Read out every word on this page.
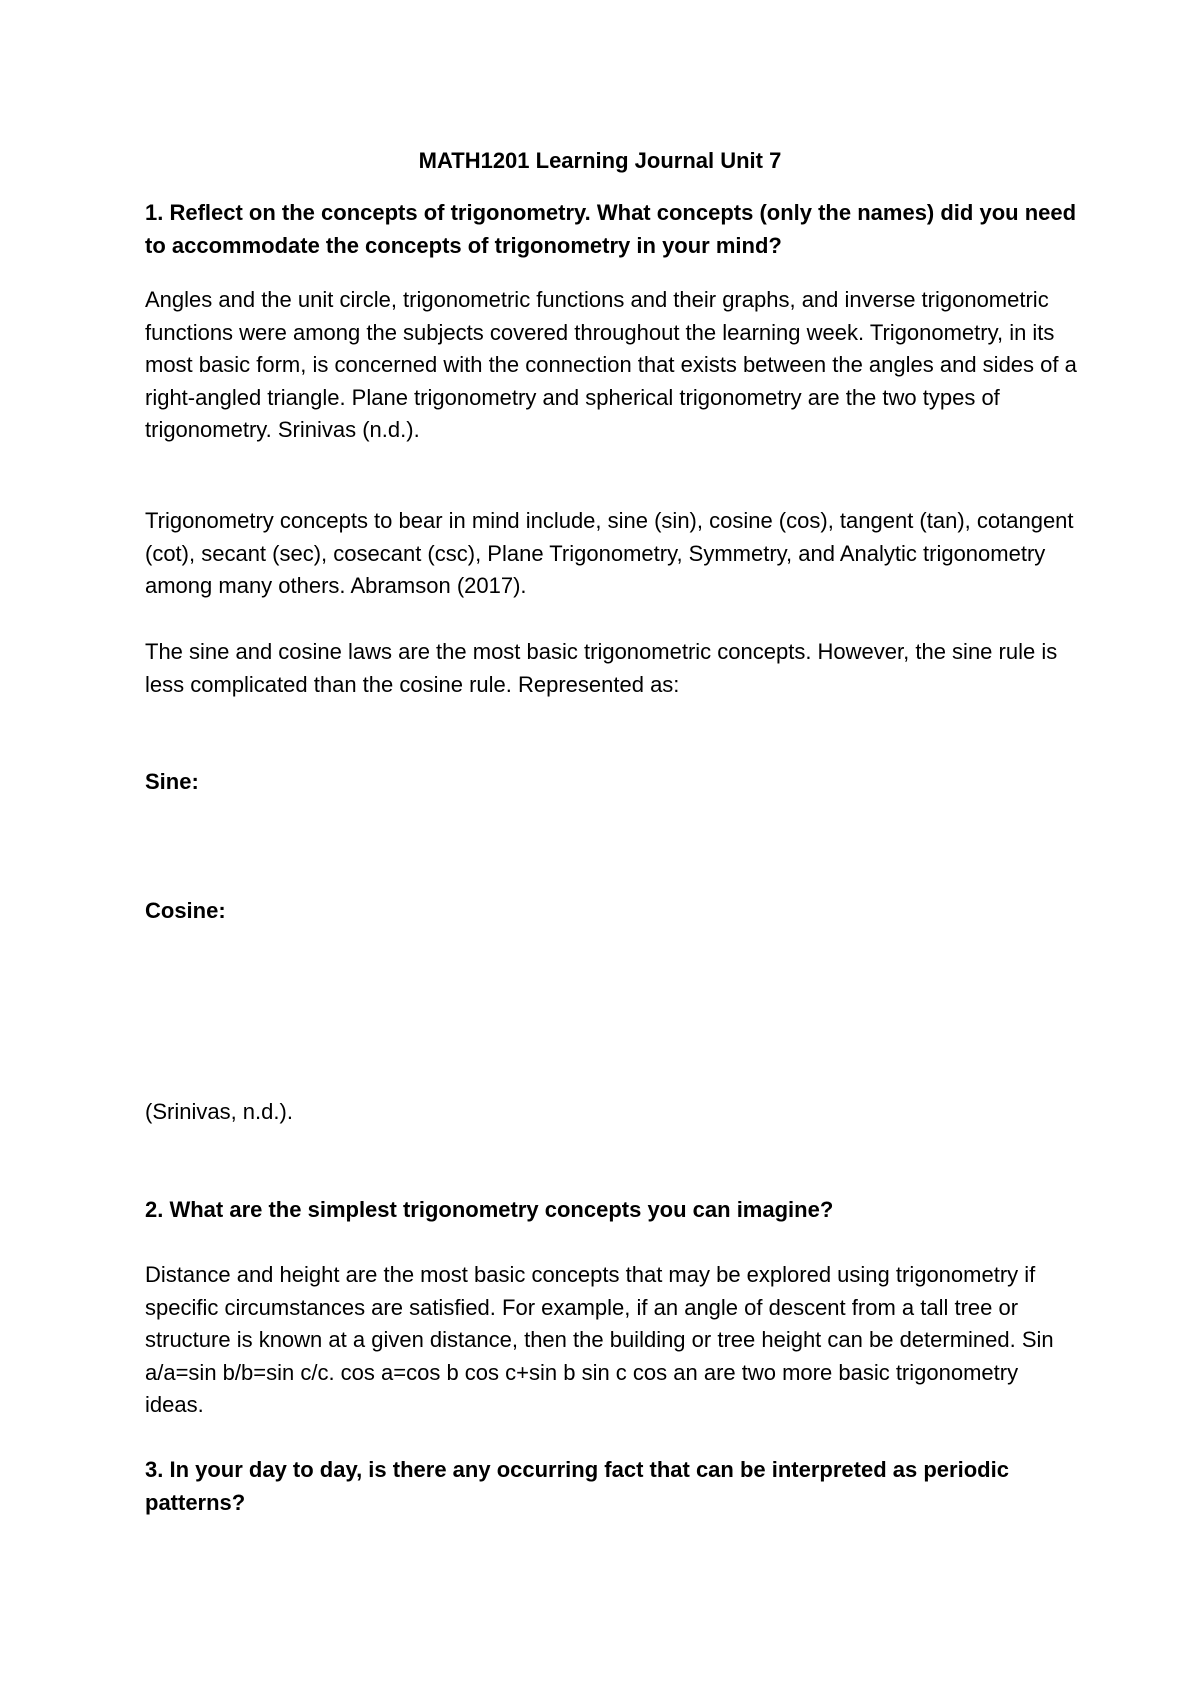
MATH1201 Learning Journal Unit 7

1. Reflect on the concepts of trigonometry. What concepts (only the names) did you need to accommodate the concepts of trigonometry in your mind?

Angles and the unit circle, trigonometric functions and their graphs, and inverse trigonometric functions were among the subjects covered throughout the learning week. Trigonometry, in its most basic form, is concerned with the connection that exists between the angles and sides of a right-angled triangle. Plane trigonometry and spherical trigonometry are the two types of trigonometry. Srinivas (n.d.).

Trigonometry concepts to bear in mind include, sine (sin), cosine (cos), tangent (tan), cotangent (cot), secant (sec), cosecant (csc), Plane Trigonometry, Symmetry, and Analytic trigonometry among many others. Abramson (2017).

The sine and cosine laws are the most basic trigonometric concepts. However, the sine rule is less complicated than the cosine rule. Represented as:

Sine:

Cosine:

(Srinivas, n.d.).

2. What are the simplest trigonometry concepts you can imagine?

Distance and height are the most basic concepts that may be explored using trigonometry if specific circumstances are satisfied. For example, if an angle of descent from a tall tree or structure is known at a given distance, then the building or tree height can be determined. Sin a/a=sin b/b=sin c/c. cos a=cos b cos c+sin b sin c cos an are two more basic trigonometry ideas.

3. In your day to day, is there any occurring fact that can be interpreted as periodic patterns?
